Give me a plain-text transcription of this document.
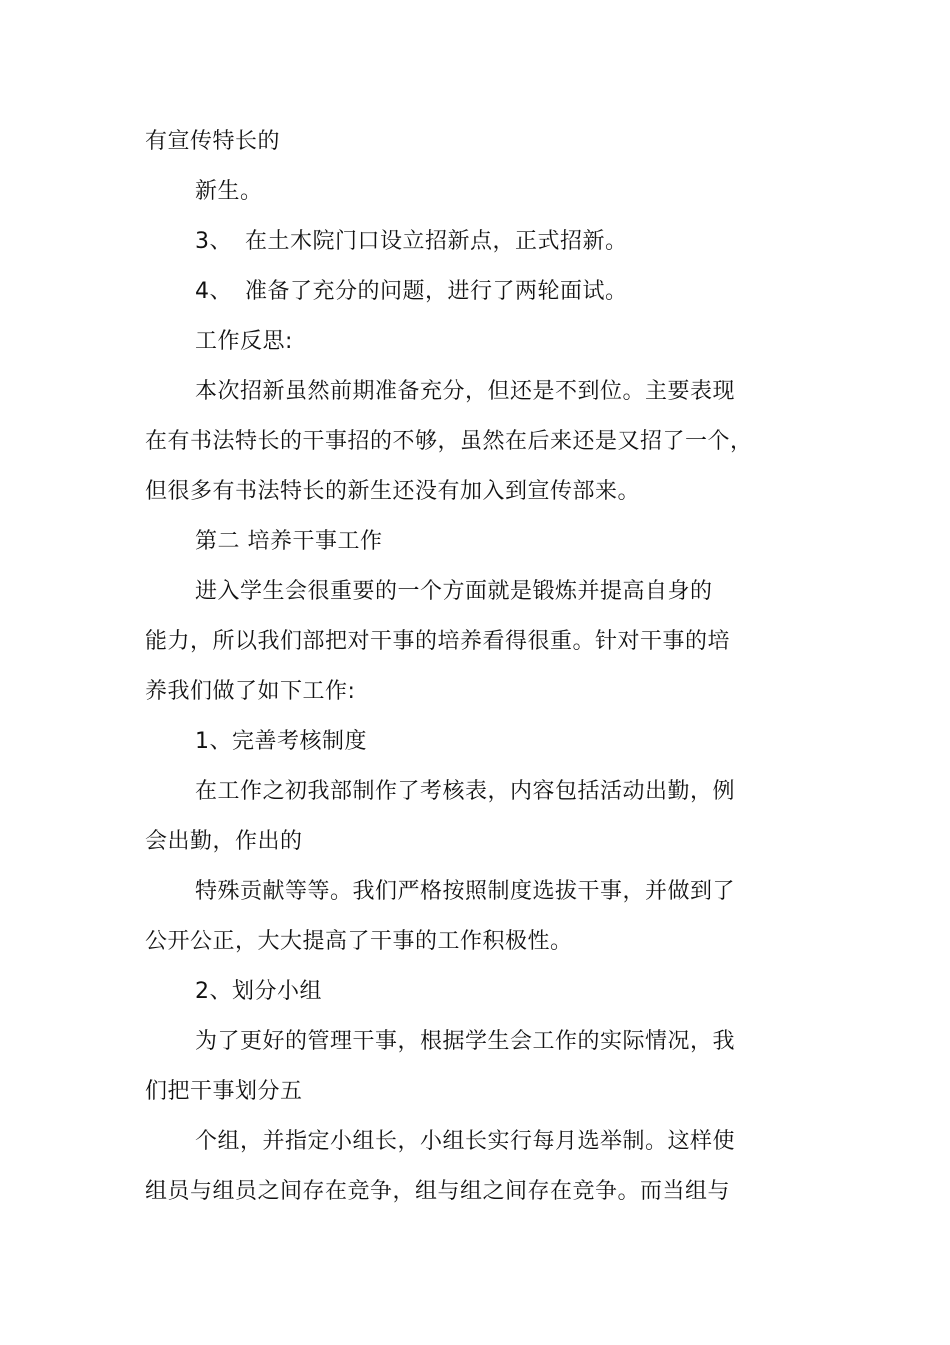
有宣传特长的
新生。
3、 在土木院门口设立招新点，正式招新。
4、 准备了充分的问题，进行了两轮面试。
工作反思:
本次招新虽然前期准备充分，但还是不到位。主要表现
在有书法特长的干事招的不够，虽然在后来还是又招了一个，
但很多有书法特长的新生还没有加入到宣传部来。
第二 培养干事工作
进入学生会很重要的一个方面就是锻炼并提高自身的
能力，所以我们部把对干事的培养看得很重。针对干事的培
养我们做了如下工作:
1、完善考核制度
在工作之初我部制作了考核表，内容包括活动出勤，例
会出勤，作出的
特殊贡献等等。我们严格按照制度选拔干事，并做到了
公开公正，大大提高了干事的工作积极性。
2、划分小组
为了更好的管理干事，根据学生会工作的实际情况，我
们把干事划分五
个组，并指定小组长，小组长实行每月选举制。这样使
组员与组员之间存在竞争，组与组之间存在竞争。而当组与
